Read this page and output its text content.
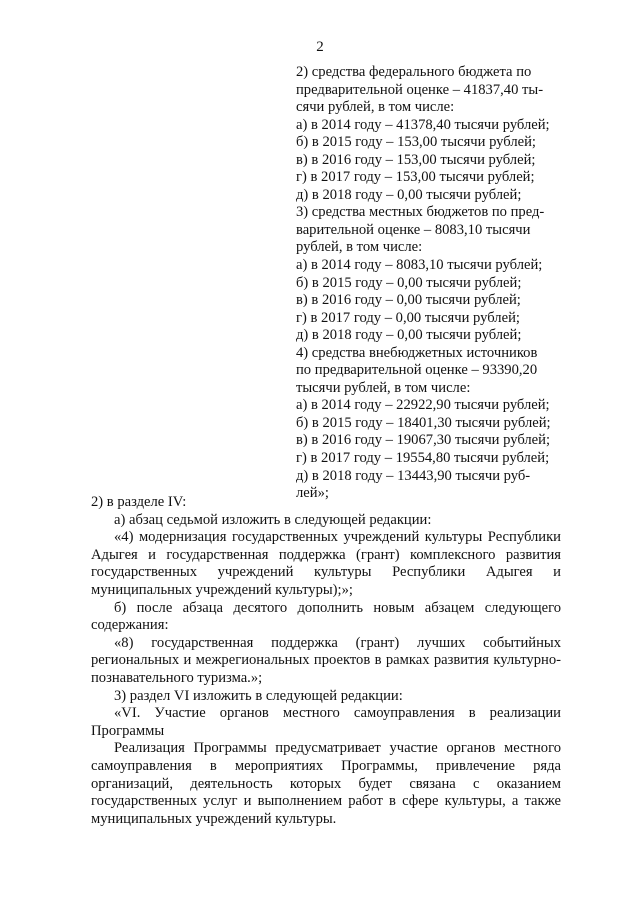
2
2) средства федерального бюджета по
предварительной оценке – 41837,40 ты-
сячи рублей, в том числе:
а) в 2014 году – 41378,40 тысячи рублей;
б) в 2015 году – 153,00 тысячи рублей;
в) в 2016 году – 153,00 тысячи рублей;
г) в 2017 году – 153,00 тысячи рублей;
д) в 2018 году – 0,00 тысячи рублей;
3) средства местных бюджетов по пред-
варительной оценке – 8083,10 тысячи
рублей, в том числе:
а) в 2014 году – 8083,10 тысячи рублей;
б) в 2015 году – 0,00 тысячи рублей;
в) в 2016 году – 0,00 тысячи рублей;
г) в 2017 году – 0,00 тысячи рублей;
д) в 2018 году – 0,00 тысячи рублей;
4) средства внебюджетных источников
по предварительной оценке – 93390,20
тысячи рублей, в том числе:
а) в 2014 году – 22922,90 тысячи рублей;
б) в 2015 году – 18401,30 тысячи рублей;
в) в 2016 году – 19067,30 тысячи рублей;
г) в 2017 году – 19554,80 тысячи рублей;
д) в 2018 году – 13443,90 тысячи руб-
лей»;
2) в разделе IV:
а) абзац седьмой изложить в следующей редакции:
«4) модернизация государственных учреждений культуры Республики Адыгея и государственная поддержка (грант) комплексного развития государственных учреждений культуры Республики Адыгея и муниципальных учреждений культуры);»;
б) после абзаца десятого дополнить новым абзацем следующего содержания:
«8) государственная поддержка (грант) лучших событийных региональных и межрегиональных проектов в рамках развития культурно-познавательного туризма.»;
3) раздел VI изложить в следующей редакции:
«VI. Участие органов местного самоуправления в реализации Программы
Реализация Программы предусматривает участие органов местного самоуправления в мероприятиях Программы, привлечение ряда организаций, деятельность которых будет связана с оказанием государственных услуг и выполнением работ в сфере культуры, а также муниципальных учреждений культуры.
